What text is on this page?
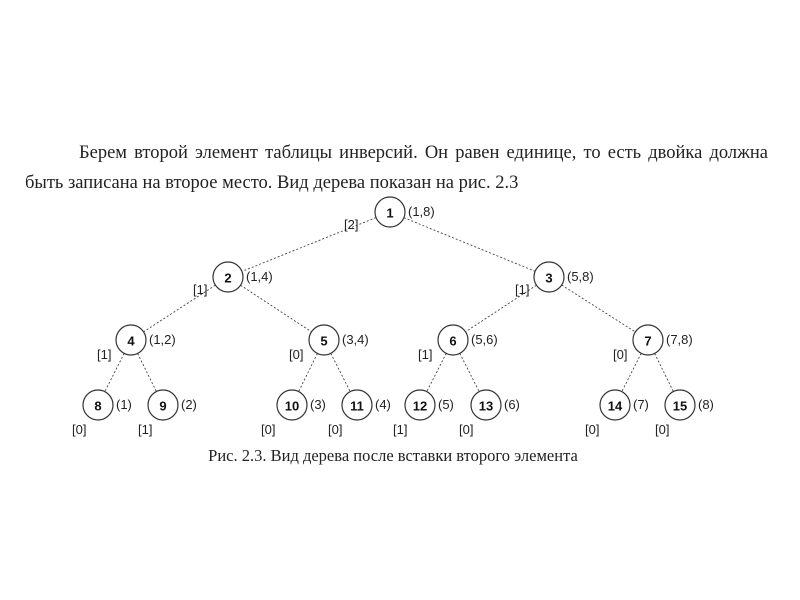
Берем второй элемент таблицы инверсий. Он равен единице, то есть двойка должна быть записана на второе место. Вид дерева показан на рис. 2.3

1 (1,8)
[2]
2 (1,4)
[1]
3 (5,8)
[1]
4 (1,2)
[1]
5 (3,4)
[0]
6 (5,6)
[1]
7 (7,8)
[0]
8 (1)
[0]
9 (2)
[1]
10 (3)
[0]
11 (4)
[0]
12 (5)
[1]
13 (6)
[0]
14 (7)
[0]
15 (8)
[0]
Рис. 2.3. Вид дерева после вставки второго элемента
